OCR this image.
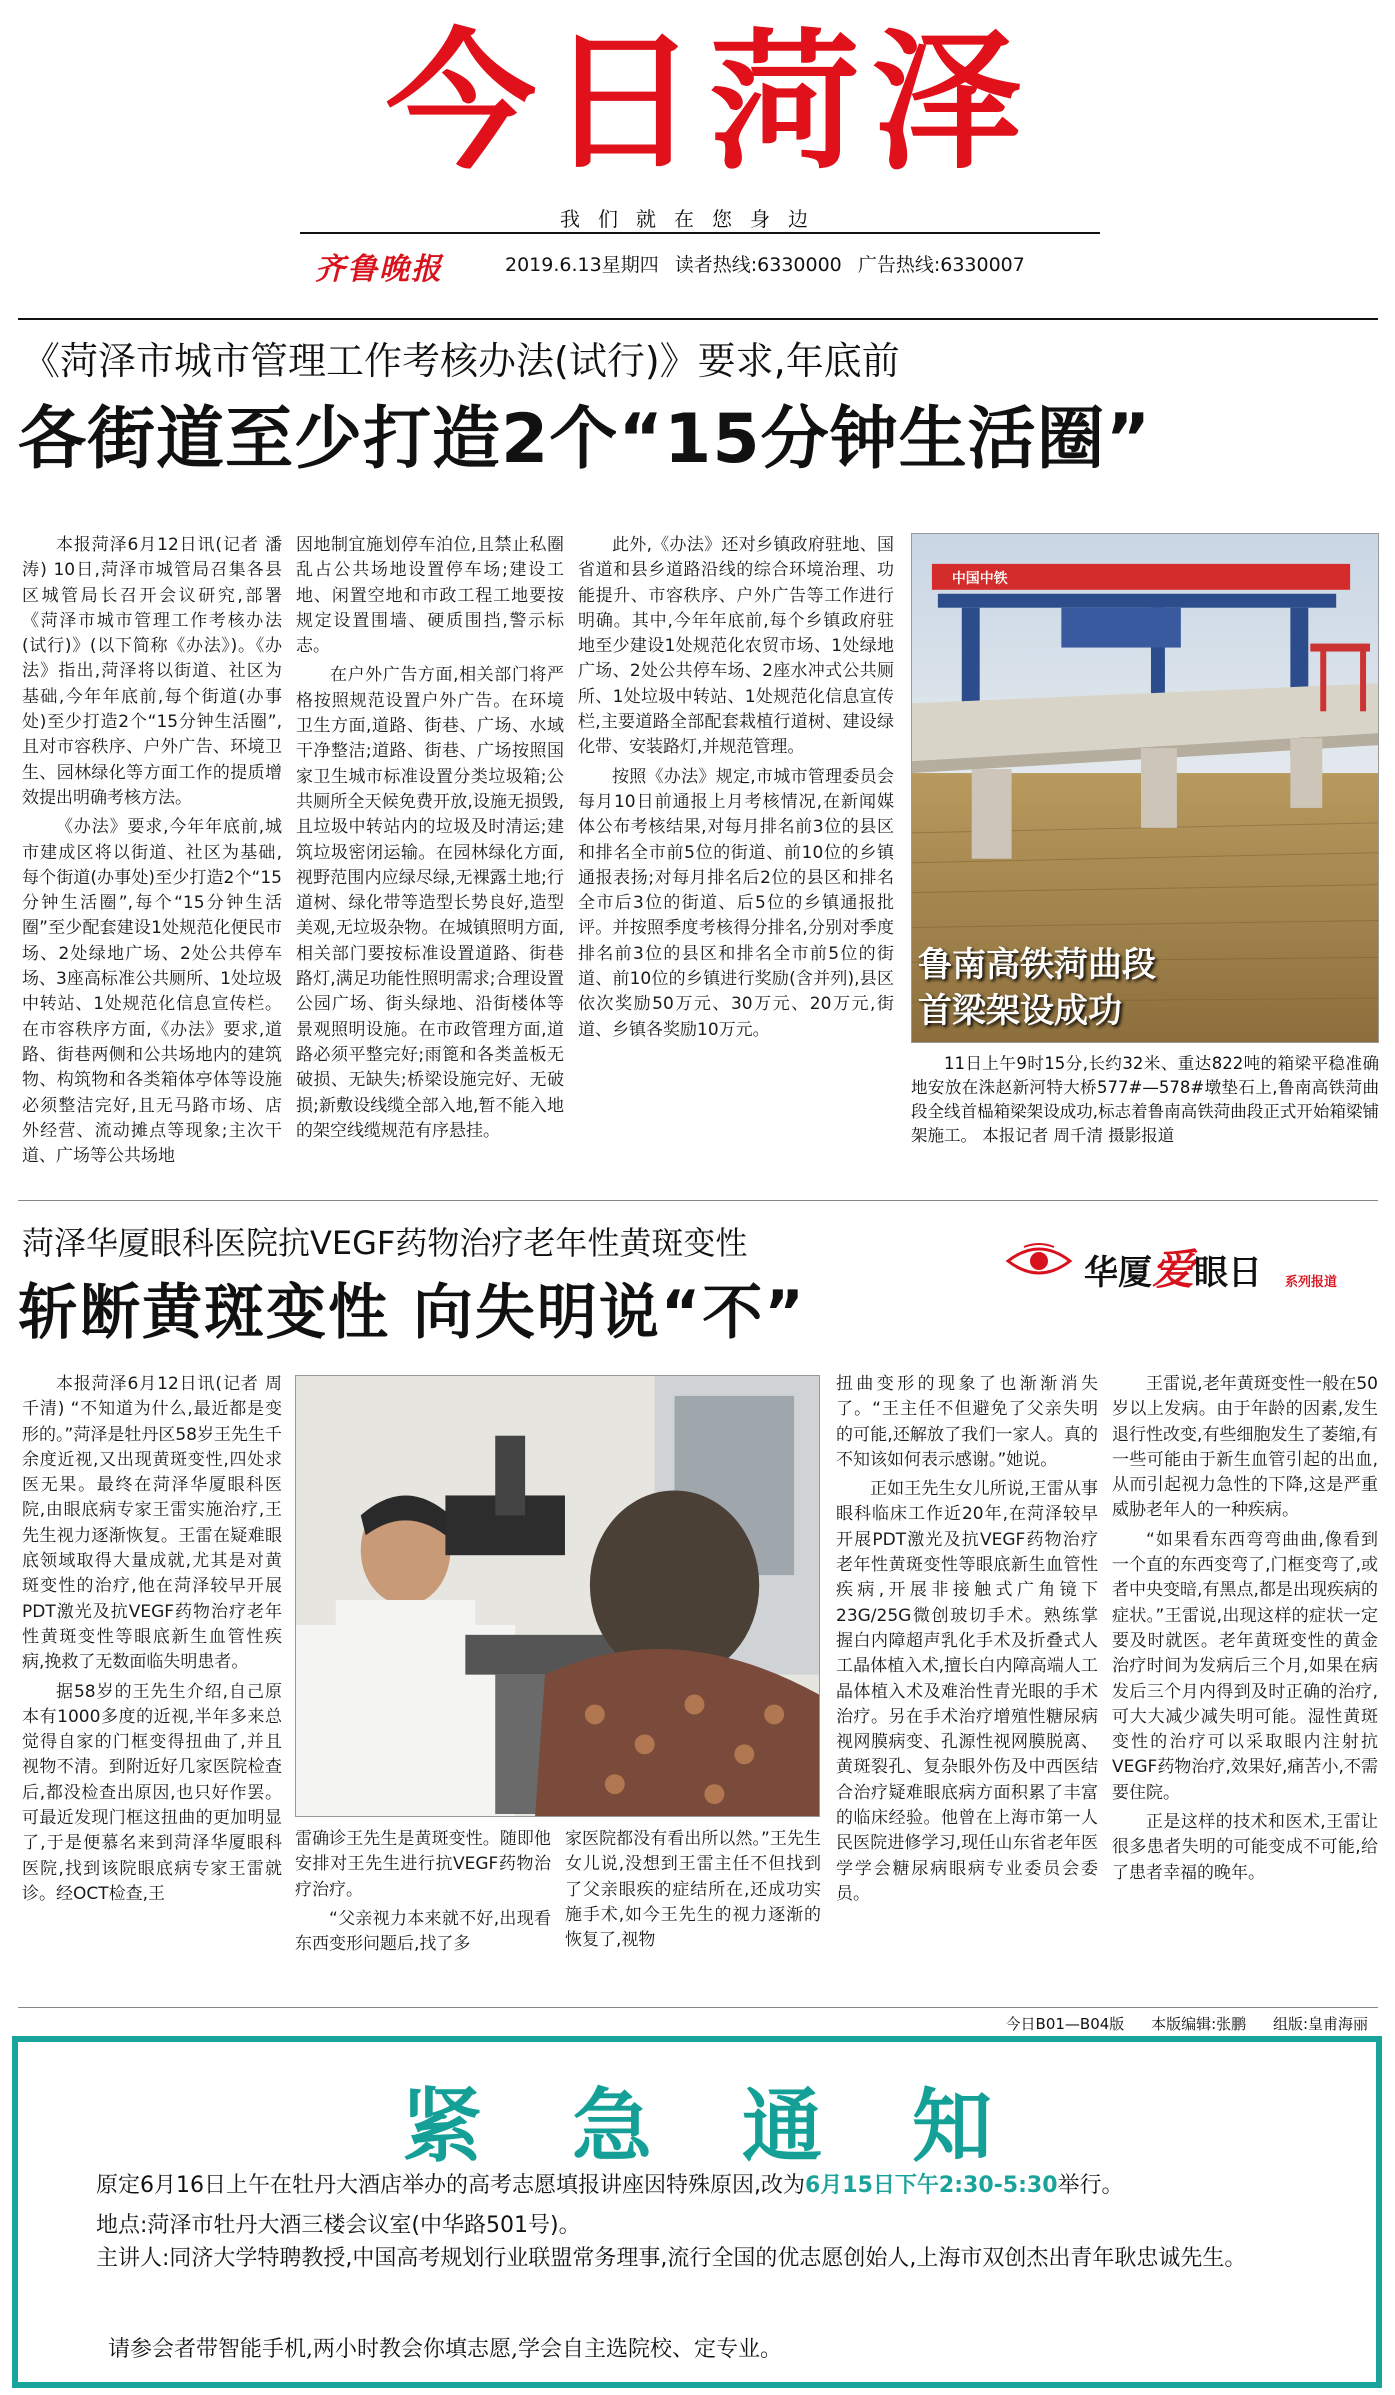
今日菏泽
我们就在您身边
齐鲁晚报	2019.6.13星期四 读者热线:6330000 广告热线:6330007
《菏泽市城市管理工作考核办法(试行)》要求,年底前
各街道至少打造2个“15分钟生活圈”

本报菏泽6月12日讯(记者 潘涛) 10日,菏泽市城管局召集各县区城管局长召开会议研究,部署《菏泽市城市管理工作考核办法(试行)》(以下简称《办法》)。《办法》指出,菏泽将以街道、社区为基础,今年年底前,每个街道(办事处)至少打造2个“15分钟生活圈”,且对市容秩序、户外广告、环境卫生、园林绿化等方面工作的提质增效提出明确考核方法。

《办法》要求,今年年底前,城市建成区将以街道、社区为基础,每个街道(办事处)至少打造2个“15分钟生活圈”,每个“15分钟生活圈”至少配套建设1处规范化便民市场、2处绿地广场、2处公共停车场、3座高标准公共厕所、1处垃圾中转站、1处规范化信息宣传栏。在市容秩序方面,《办法》要求,道路、街巷两侧和公共场地内的建筑物、构筑物和各类箱体亭体等设施必须整洁完好,且无马路市场、店外经营、流动摊点等现象;主次干道、广场等公共场地

因地制宜施划停车泊位,且禁止私圈乱占公共场地设置停车场;建设工地、闲置空地和市政工程工地要按规定设置围墙、硬质围挡,警示标志。

在户外广告方面,相关部门将严格按照规范设置户外广告。在环境卫生方面,道路、街巷、广场、水域干净整洁;道路、街巷、广场按照国家卫生城市标准设置分类垃圾箱;公共厕所全天候免费开放,设施无损毁,且垃圾中转站内的垃圾及时清运;建筑垃圾密闭运输。在园林绿化方面,视野范围内应绿尽绿,无裸露土地;行道树、绿化带等造型长势良好,造型美观,无垃圾杂物。在城镇照明方面,相关部门要按标准设置道路、街巷路灯,满足功能性照明需求;合理设置公园广场、街头绿地、沿街楼体等景观照明设施。在市政管理方面,道路必须平整完好;雨篦和各类盖板无破损、无缺失;桥梁设施完好、无破损;新敷设线缆全部入地,暂不能入地的架空线缆规范有序悬挂。

此外,《办法》还对乡镇政府驻地、国省道和县乡道路沿线的综合环境治理、功能提升、市容秩序、户外广告等工作进行明确。其中,今年年底前,每个乡镇政府驻地至少建设1处规范化农贸市场、1处绿地广场、2处公共停车场、2座水冲式公共厕所、1处垃圾中转站、1处规范化信息宣传栏,主要道路全部配套栽植行道树、建设绿化带、安装路灯,并规范管理。

按照《办法》规定,市城市管理委员会每月10日前通报上月考核情况,在新闻媒体公布考核结果,对每月排名前3位的县区和排名全市前5位的街道、前10位的乡镇通报表扬;对每月排名后2位的县区和排名全市后3位的街道、后5位的乡镇通报批评。并按照季度考核得分排名,分别对季度排名前3位的县区和排名全市前5位的街道、前10位的乡镇进行奖励(含并列),县区依次奖励50万元、30万元、20万元,街道、乡镇各奖励10万元。

中国中铁
鲁南高铁菏曲段
首梁架设成功
11日上午9时15分,长约32米、重达822吨的箱梁平稳准确地安放在洙赵新河特大桥577#—578#墩垫石上,鲁南高铁菏曲段全线首榀箱梁架设成功,标志着鲁南高铁菏曲段正式开始箱梁铺架施工。 本报记者 周千清 摄影报道
菏泽华厦眼科医院抗VEGF药物治疗老年性黄斑变性
斩断黄斑变性 向失明说“不”
华厦爱眼日 系列报道

本报菏泽6月12日讯(记者 周千清) “不知道为什么,最近都是变形的。”菏泽是牡丹区58岁王先生千余度近视,又出现黄斑变性,四处求医无果。最终在菏泽华厦眼科医院,由眼底病专家王雷实施治疗,王先生视力逐渐恢复。王雷在疑难眼底领域取得大量成就,尤其是对黄斑变性的治疗,他在菏泽较早开展PDT激光及抗VEGF药物治疗老年性黄斑变性等眼底新生血管性疾病,挽救了无数面临失明患者。

据58岁的王先生介绍,自己原本有1000多度的近视,半年多来总觉得自家的门框变得扭曲了,并且视物不清。到附近好几家医院检查后,都没检查出原因,也只好作罢。可最近发现门框这扭曲的更加明显了,于是便慕名来到菏泽华厦眼科医院,找到该院眼底病专家王雷就诊。经OCT检查,王

雷确诊王先生是黄斑变性。随即他安排对王先生进行抗VEGF药物治疗治疗。

“父亲视力本来就不好,出现看东西变形问题后,找了多

家医院都没有看出所以然。”王先生女儿说,没想到王雷主任不但找到了父亲眼疾的症结所在,还成功实施手术,如今王先生的视力逐渐的恢复了,视物

扭曲变形的现象了也渐渐消失了。“王主任不但避免了父亲失明的可能,还解放了我们一家人。真的不知该如何表示感谢。”她说。

正如王先生女儿所说,王雷从事眼科临床工作近20年,在菏泽较早开展PDT激光及抗VEGF药物治疗老年性黄斑变性等眼底新生血管性疾病,开展非接触式广角镜下23G/25G微创玻切手术。熟练掌握白内障超声乳化手术及折叠式人工晶体植入术,擅长白内障高端人工晶体植入术及难治性青光眼的手术治疗。另在手术治疗增殖性糖尿病视网膜病变、孔源性视网膜脱离、黄斑裂孔、复杂眼外伤及中西医结合治疗疑难眼底病方面积累了丰富的临床经验。他曾在上海市第一人民医院进修学习,现任山东省老年医学学会糖尿病眼病专业委员会委员。

王雷说,老年黄斑变性一般在50岁以上发病。由于年龄的因素,发生退行性改变,有些细胞发生了萎缩,有一些可能由于新生血管引起的出血,从而引起视力急性的下降,这是严重威胁老年人的一种疾病。

“如果看东西弯弯曲曲,像看到一个直的东西变弯了,门框变弯了,或者中央变暗,有黑点,都是出现疾病的症状。”王雷说,出现这样的症状一定要及时就医。老年黄斑变性的黄金治疗时间为发病后三个月,如果在病发后三个月内得到及时正确的治疗,可大大减少减失明可能。湿性黄斑变性的治疗可以采取眼内注射抗VEGF药物治疗,效果好,痛苦小,不需要住院。

正是这样的技术和医术,王雷让很多患者失明的可能变成不可能,给了患者幸福的晚年。

今日B01—B04版 本版编辑:张鹏 组版:皇甫海丽
紧急通知
原定6月16日上午在牡丹大酒店举办的高考志愿填报讲座因特殊原因,改为6月15日下午2:30-5:30举行。
地点:菏泽市牡丹大酒三楼会议室(中华路501号)。
主讲人:同济大学特聘教授,中国高考规划行业联盟常务理事,流行全国的优志愿创始人,上海市双创杰出青年耿忠诚先生。
请参会者带智能手机,两小时教会你填志愿,学会自主选院校、定专业。
